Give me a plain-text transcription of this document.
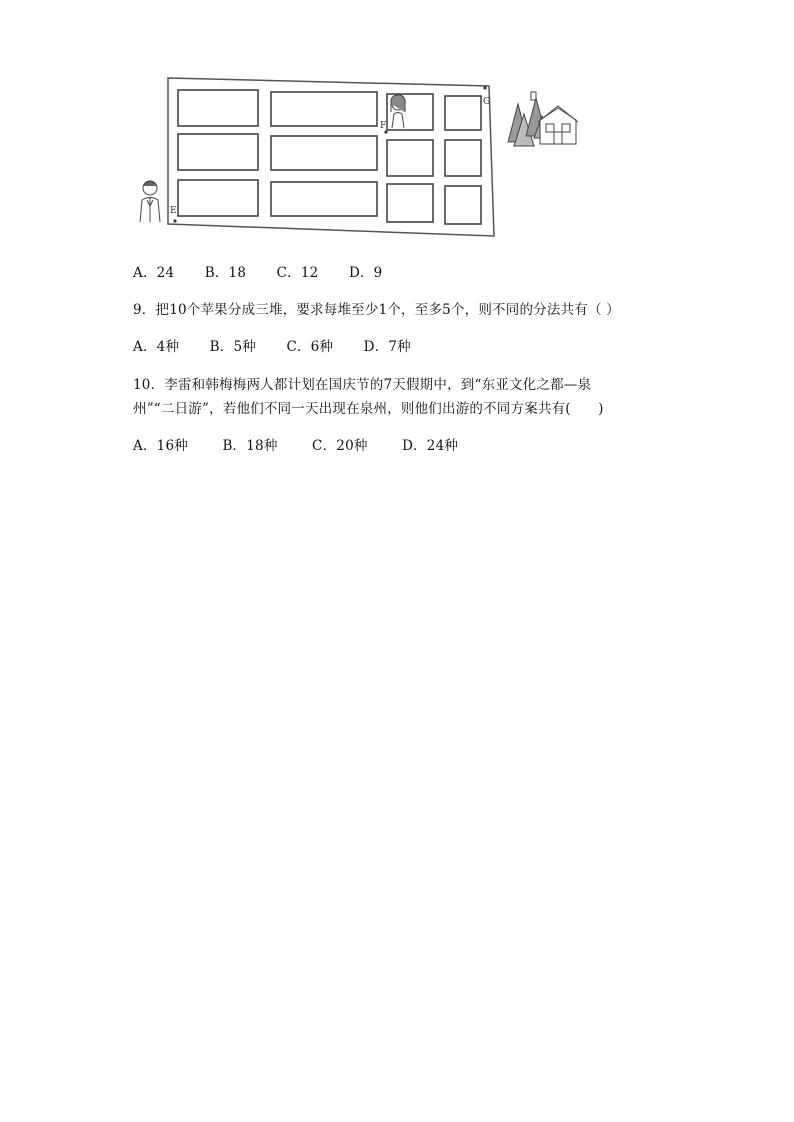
E
F
G
A．24 B．18 C．12 D．9
9．把10个苹果分成三堆，要求每堆至少1个，至多5个，则不同的分法共有（ ）
A．4种 B．5种 C．6种 D．7种
10．李雷和韩梅梅两人都计划在国庆节的7天假期中，到“东亚文化之都—泉
州”“二日游”，若他们不同一天出现在泉州，则他们出游的不同方案共有(　　)
A．16种	B．18种	C．20种	D．24种
